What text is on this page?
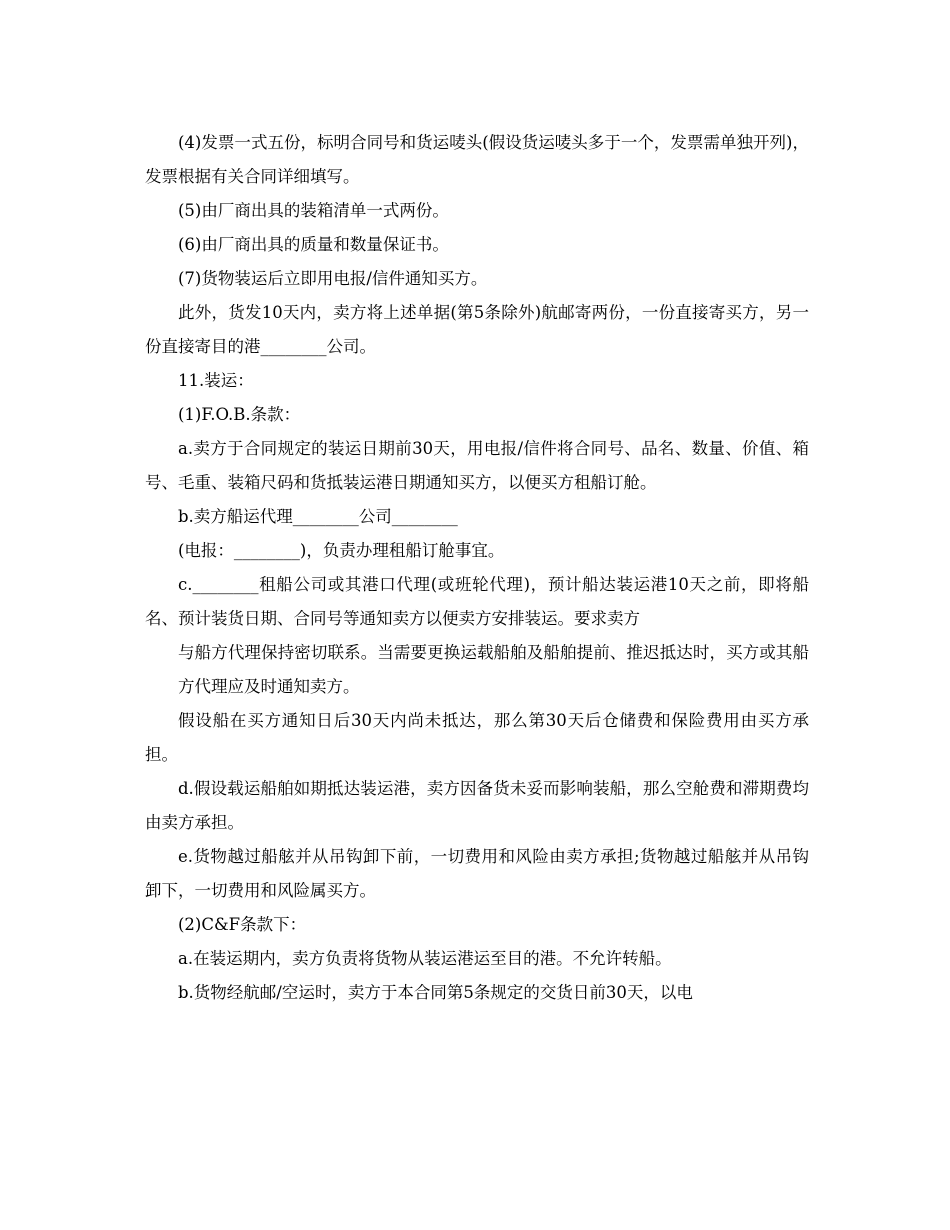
(4)发票一式五份，标明合同号和货运唛头(假设货运唛头多于一个，发票需单独开列)，发票根据有关合同详细填写。

(5)由厂商出具的装箱清单一式两份。

(6)由厂商出具的质量和数量保证书。

(7)货物装运后立即用电报/信件通知买方。

此外，货发10天内，卖方将上述单据(第5条除外)航邮寄两份，一份直接寄买方，另一份直接寄目的港________公司。

11.装运：

(1)F.O.B.条款：

a.卖方于合同规定的装运日期前30天，用电报/信件将合同号、品名、数量、价值、箱号、毛重、装箱尺码和货抵装运港日期通知买方，以便买方租船订舱。

b.卖方船运代理________公司________

(电报：________)，负责办理租船订舱事宜。

c.________租船公司或其港口代理(或班轮代理)，预计船达装运港10天之前，即将船名、预计装货日期、合同号等通知卖方以便卖方安排装运。要求卖方

与船方代理保持密切联系。当需要更换运载船舶及船舶提前、推迟抵达时，买方或其船方代理应及时通知卖方。

假设船在买方通知日后30天内尚未抵达，那么第30天后仓储费和保险费用由买方承担。

d.假设载运船舶如期抵达装运港，卖方因备货未妥而影响装船，那么空舱费和滞期费均由卖方承担。

e.货物越过船舷并从吊钩卸下前，一切费用和风险由卖方承担;货物越过船舷并从吊钩卸下，一切费用和风险属买方。

(2)C&F条款下：

a.在装运期内，卖方负责将货物从装运港运至目的港。不允许转船。

b.货物经航邮/空运时，卖方于本合同第5条规定的交货日前30天，以电
